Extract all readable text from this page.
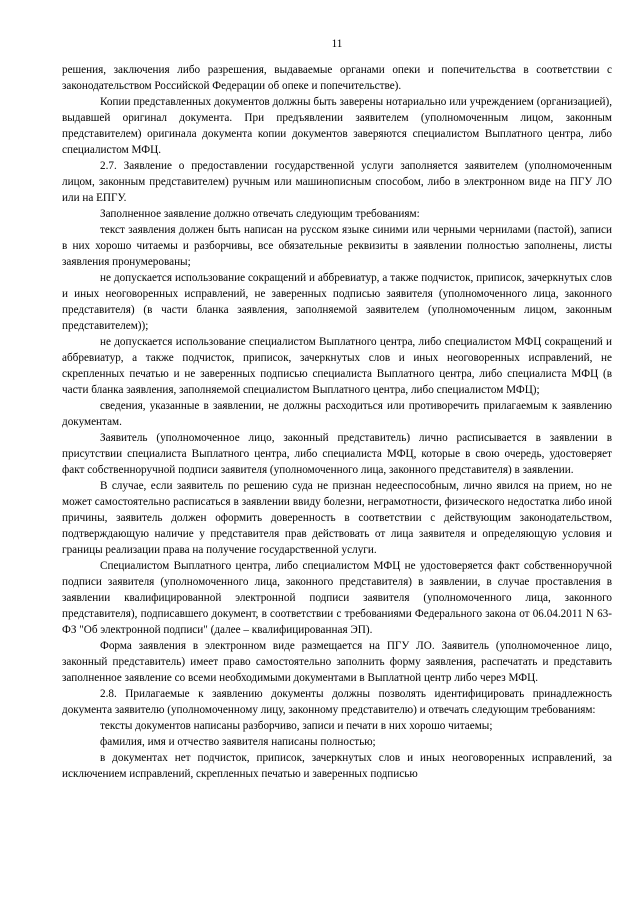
11

решения, заключения либо разрешения, выдаваемые органами опеки и попечительства в соответствии с законодательством Российской Федерации об опеке и попечительстве).

Копии представленных документов должны быть заверены нотариально или учреждением (организацией), выдавшей оригинал документа. При предъявлении заявителем (уполномоченным лицом, законным представителем) оригинала документа копии документов заверяются специалистом Выплатного центра, либо специалистом МФЦ.

2.7. Заявление о предоставлении государственной услуги заполняется заявителем (уполномоченным лицом, законным представителем) ручным или машинописным способом, либо в электронном виде на ПГУ ЛО или на ЕПГУ.

Заполненное заявление должно отвечать следующим требованиям:

текст заявления должен быть написан на русском языке синими или черными чернилами (пастой), записи в них хорошо читаемы и разборчивы, все обязательные реквизиты в заявлении полностью заполнены, листы заявления пронумерованы;

не допускается использование сокращений и аббревиатур, а также подчисток, приписок, зачеркнутых слов и иных неоговоренных исправлений, не заверенных подписью заявителя (уполномоченного лица, законного представителя) (в части бланка заявления, заполняемой заявителем (уполномоченным лицом, законным представителем));

не допускается использование специалистом Выплатного центра, либо специалистом МФЦ сокращений и аббревиатур, а также подчисток, приписок, зачеркнутых слов и иных неоговоренных исправлений, не скрепленных печатью и не заверенных подписью специалиста Выплатного центра, либо специалиста МФЦ (в части бланка заявления, заполняемой специалистом Выплатного центра, либо специалистом МФЦ);

сведения, указанные в заявлении, не должны расходиться или противоречить прилагаемым к заявлению документам.

Заявитель (уполномоченное лицо, законный представитель) лично расписывается в заявлении в присутствии специалиста Выплатного центра, либо специалиста МФЦ, которые в свою очередь, удостоверяет факт собственноручной подписи заявителя (уполномоченного лица, законного представителя) в заявлении.

В случае, если заявитель по решению суда не признан недееспособным, лично явился на прием, но не может самостоятельно расписаться в заявлении ввиду болезни, неграмотности, физического недостатка либо иной причины, заявитель должен оформить доверенность в соответствии с действующим законодательством, подтверждающую наличие у представителя прав действовать от лица заявителя и определяющую условия и границы реализации права на получение государственной услуги.

Специалистом Выплатного центра, либо специалистом МФЦ не удостоверяется факт собственноручной подписи заявителя (уполномоченного лица, законного представителя) в заявлении, в случае проставления в заявлении квалифицированной электронной подписи заявителя (уполномоченного лица, законного представителя), подписавшего документ, в соответствии с требованиями Федерального закона от 06.04.2011 N 63-ФЗ "Об электронной подписи" (далее – квалифицированная ЭП).

Форма заявления в электронном виде размещается на ПГУ ЛО. Заявитель (уполномоченное лицо, законный представитель) имеет право самостоятельно заполнить форму заявления, распечатать и представить заполненное заявление со всеми необходимыми документами в Выплатной центр либо через МФЦ.

2.8. Прилагаемые к заявлению документы должны позволять идентифицировать принадлежность документа заявителю (уполномоченному лицу, законному представителю) и отвечать следующим требованиям:

тексты документов написаны разборчиво, записи и печати в них хорошо читаемы;

фамилия, имя и отчество заявителя написаны полностью;

в документах нет подчисток, приписок, зачеркнутых слов и иных неоговоренных исправлений, за исключением исправлений, скрепленных печатью и заверенных подписью
